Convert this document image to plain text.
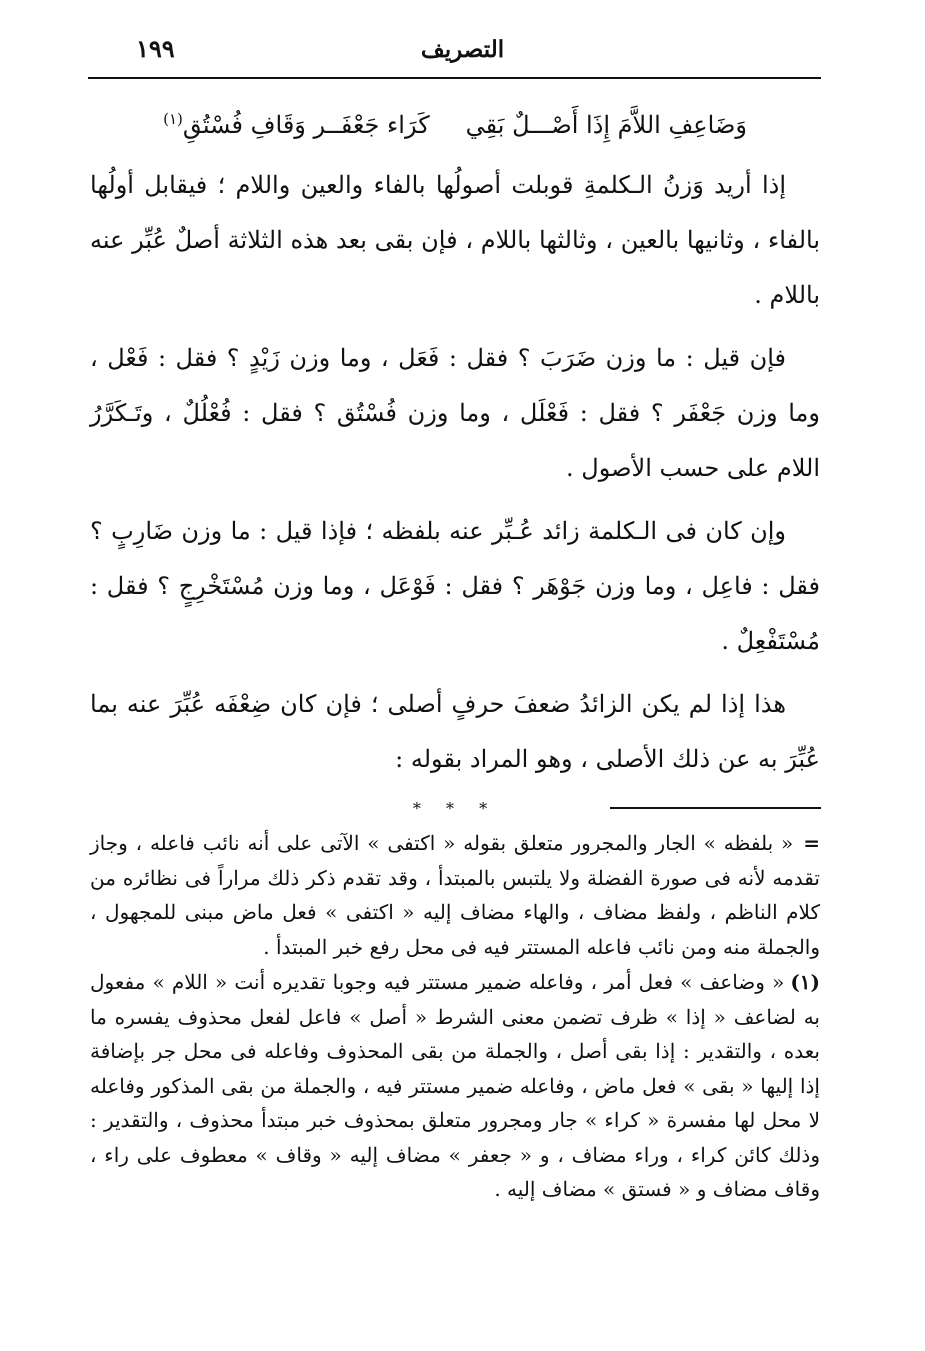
التصريف
١٩٩

وَضَاعِفِ اللاَّمَ إِذَا أَصْـــلٌ بَقِيكَرَاء جَعْفَــر وَقَافِ فُسْتُقِ$^{(١)}$

إذا أريد وَزنُ الـكلمةِ قوبلت أصولُها بالفاء والعين واللام ؛ فيقابل أولُها بالفاء ، وثانيها بالعين ، وثالثها باللام ، فإن بقى بعد هذه الثلاثة أصلٌ عُبِّر عنه باللام .

فإن قيل : ما وزن ضَرَبَ ؟ فقل : فَعَل ، وما وزن زَيْدٍ ؟ فقل : فَعْل ، وما وزن جَعْفَر ؟ فقل : فَعْلَل ، وما وزن فُسْتُق ؟ فقل : فُعْلُلٌ ، وتَـكَرَّرُ اللام على حسب الأصول .

وإن كان فى الـكلمة زائد عُـبِّر عنه بلفظه ؛ فإذا قيل : ما وزن ضَارِبٍ ؟ فقل : فاعِل ، وما وزن جَوْهَر ؟ فقل : فَوْعَل ، وما وزن مُسْتَخْرِجٍ ؟ فقل : مُسْتَفْعِلٌ .

هذا إذا لم يكن الزائدُ ضعفَ حرفٍ أصلى ؛ فإن كان ضِعْفَه عُبِّرَ عنه بما عُبِّرَ به عن ذلك الأصلى ، وهو المراد بقوله :

* * *

=« بلفظه » الجار والمجرور متعلق بقوله « اكتفى » الآتى على أنه نائب فاعله ، وجاز تقدمه لأنه فى صورة الفضلة ولا يلتبس بالمبتدأ ، وقد تقدم ذكر ذلك مراراً فى نظائره من كلام الناظم ، ولفظ مضاف ، والهاء مضاف إليه « اكتفى » فعل ماض مبنى للمجهول ، والجملة منه ومن نائب فاعله المستتر فيه فى محل رفع خبر المبتدأ .

(١)« وضاعف » فعل أمر ، وفاعله ضمير مستتر فيه وجوبا تقديره أنت « اللام » مفعول به لضاعف « إذا » ظرف تضمن معنى الشرط « أصل » فاعل لفعل محذوف يفسره ما بعده ، والتقدير : إذا بقى أصل ، والجملة من بقى المحذوف وفاعله فى محل جر بإضافة إذا إليها « بقى » فعل ماض ، وفاعله ضمير مستتر فيه ، والجملة من بقى المذكور وفاعله لا محل لها مفسرة « كراء » جار ومجرور متعلق بمحذوف خبر مبتدأ محذوف ، والتقدير : وذلك كائن كراء ، وراء مضاف ، و « جعفر » مضاف إليه « وقاف » معطوف على راء ، وقاف مضاف و « فستق » مضاف إليه .
